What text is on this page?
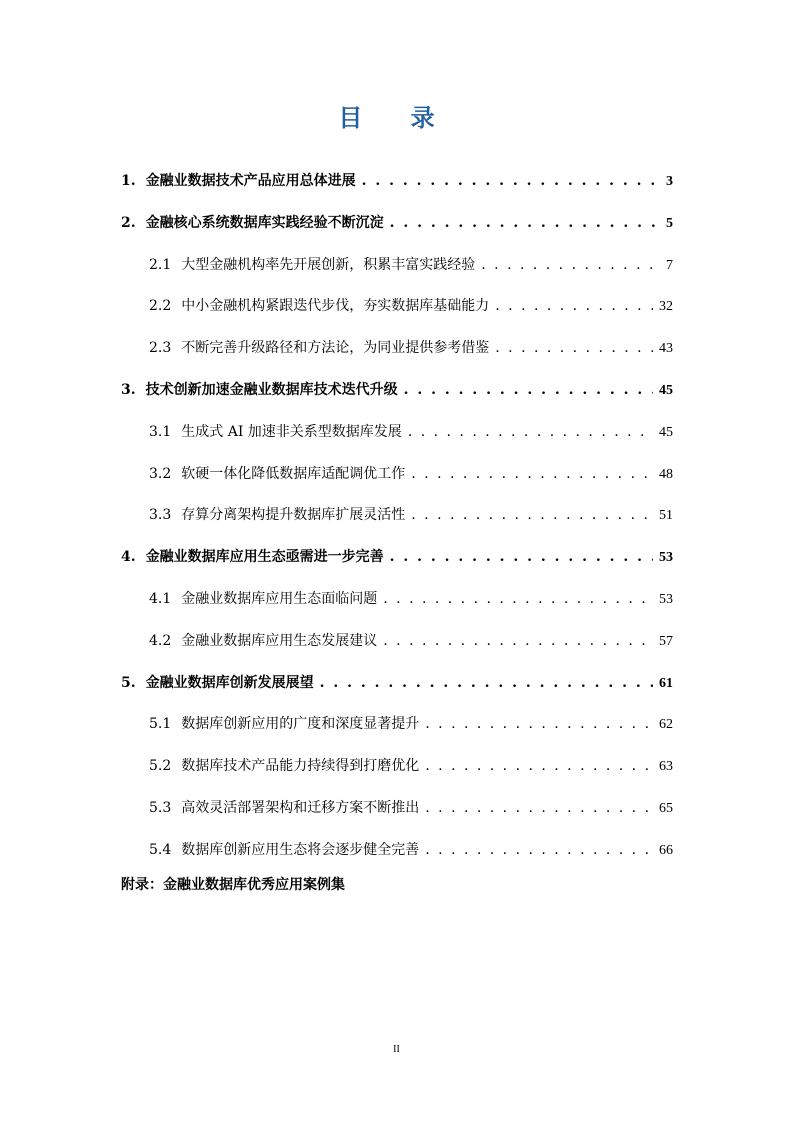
目 录
1. 金融业数据技术产品应用总体进展 . . .	3
2. 金融核心系统数据库实践经验不断沉淀 . . .	5
2.1 大型金融机构率先开展创新，积累丰富实践经验 . . .	7
2.2 中小金融机构紧跟迭代步伐，夯实数据库基础能力 . . .	32
2.3 不断完善升级路径和方法论，为同业提供参考借鉴 . . .	43
3. 技术创新加速金融业数据库技术迭代升级 . . .	45
3.1 生成式 AI 加速非关系型数据库发展 . . .	45
3.2 软硬一体化降低数据库适配调优工作 . . .	48
3.3 存算分离架构提升数据库扩展灵活性 . . .	51
4. 金融业数据库应用生态亟需进一步完善 . . .	53
4.1 金融业数据库应用生态面临问题 . . .	53
4.2 金融业数据库应用生态发展建议 . . .	57
5. 金融业数据库创新发展展望 . . .	61
5.1 数据库创新应用的广度和深度显著提升 . . .	62
5.2 数据库技术产品能力持续得到打磨优化 . . .	63
5.3 高效灵活部署架构和迁移方案不断推出 . . .	65
5.4 数据库创新应用生态将会逐步健全完善 . . .	66
附录：金融业数据库优秀应用案例集
II
